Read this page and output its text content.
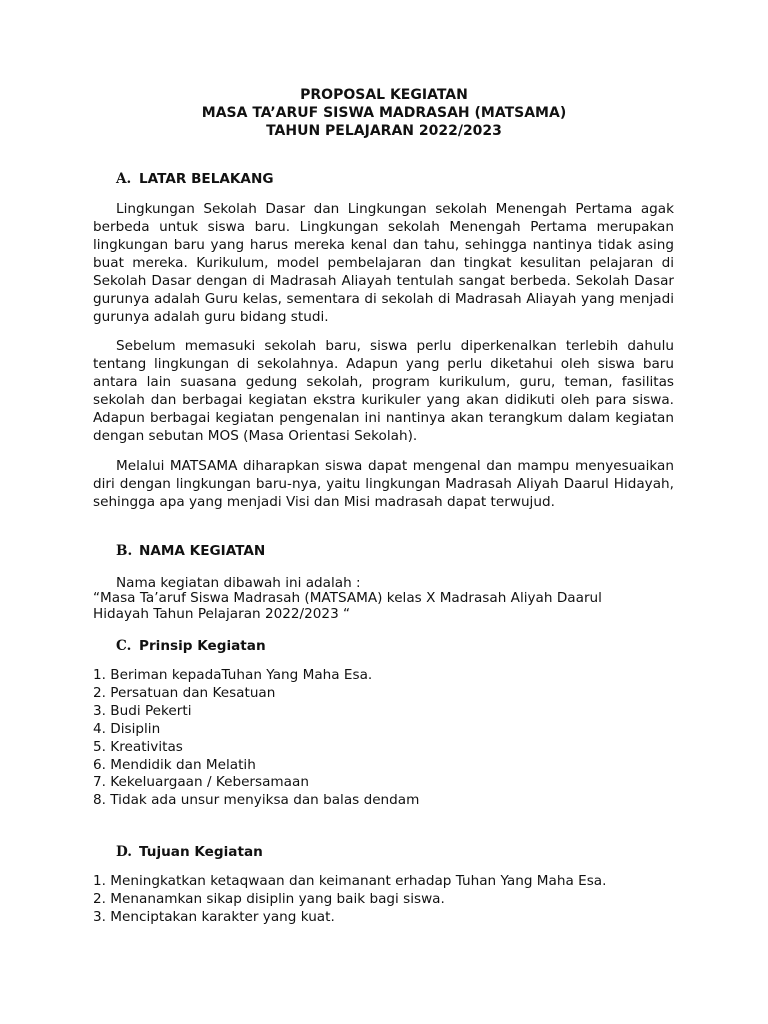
PROPOSAL KEGIATAN
MASA TA’ARUF SISWA MADRASAH (MATSAMA)
TAHUN PELAJARAN 2022/2023
A. LATAR BELAKANG

Lingkungan Sekolah Dasar dan Lingkungan sekolah Menengah Pertama agak berbeda untuk siswa baru. Lingkungan sekolah Menengah Pertama merupakan lingkungan baru yang harus mereka kenal dan tahu, sehingga nantinya tidak asing buat mereka. Kurikulum, model pembelajaran dan tingkat kesulitan pelajaran di Sekolah Dasar dengan di Madrasah Aliayah tentulah sangat berbeda. Sekolah Dasar gurunya adalah Guru kelas, sementara di sekolah di Madrasah Aliayah yang menjadi gurunya adalah guru bidang studi.

Sebelum memasuki sekolah baru, siswa perlu diperkenalkan terlebih dahulu tentang lingkungan di sekolahnya. Adapun yang perlu diketahui oleh siswa baru antara lain suasana gedung sekolah, program kurikulum, guru, teman, fasilitas sekolah dan berbagai kegiatan ekstra kurikuler yang akan didikuti oleh para siswa. Adapun berbagai kegiatan pengenalan ini nantinya akan terangkum dalam kegiatan dengan sebutan MOS (Masa Orientasi Sekolah).

Melalui MATSAMA diharapkan siswa dapat mengenal dan mampu menyesuaikan diri dengan lingkungan baru-nya, yaitu lingkungan Madrasah Aliyah Daarul Hidayah, sehingga apa yang menjadi Visi dan Misi madrasah dapat terwujud.

B. NAMA KEGIATAN
Nama kegiatan dibawah ini adalah :
“Masa Ta’aruf Siswa Madrasah (MATSAMA) kelas X Madrasah Aliyah Daarul
Hidayah Tahun Pelajaran 2022/2023 “
C. Prinsip Kegiatan
1. Beriman kepadaTuhan Yang Maha Esa.
2. Persatuan dan Kesatuan
3. Budi Pekerti
4. Disiplin
5. Kreativitas
6. Mendidik dan Melatih
7. Kekeluargaan / Kebersamaan
8. Tidak ada unsur menyiksa dan balas dendam
D. Tujuan Kegiatan
1. Meningkatkan ketaqwaan dan keimanant erhadap Tuhan Yang Maha Esa.
2. Menanamkan sikap disiplin yang baik bagi siswa.
3. Menciptakan karakter yang kuat.
